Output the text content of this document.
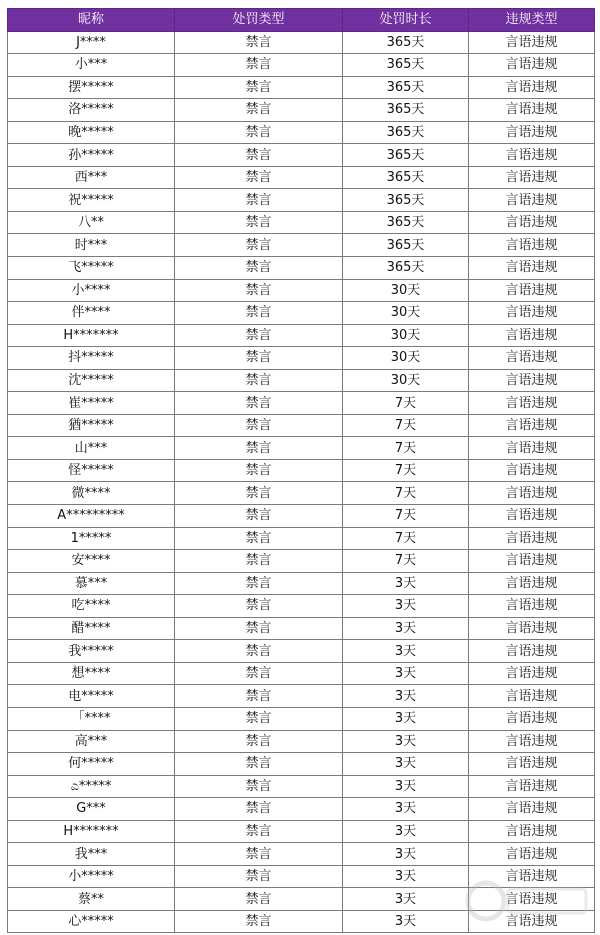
昵称	处罚类型	处罚时长	违规类型
J****	禁言	365天	言语违规
小***	禁言	365天	言语违规
摆*****	禁言	365天	言语违规
洛*****	禁言	365天	言语违规
晚*****	禁言	365天	言语违规
孙*****	禁言	365天	言语违规
西***	禁言	365天	言语违规
祝*****	禁言	365天	言语违规
八**	禁言	365天	言语违规
时***	禁言	365天	言语违规
飞*****	禁言	365天	言语违规
小****	禁言	30天	言语违规
伴****	禁言	30天	言语违规
H*******	禁言	30天	言语违规
抖*****	禁言	30天	言语违规
沈*****	禁言	30天	言语违规
崔*****	禁言	7天	言语违规
猶*****	禁言	7天	言语违规
山***	禁言	7天	言语违规
怪*****	禁言	7天	言语违规
微****	禁言	7天	言语违规
A*********	禁言	7天	言语违规
1*****	禁言	7天	言语违规
安****	禁言	7天	言语违规
慕***	禁言	3天	言语违规
吃****	禁言	3天	言语违规
醋****	禁言	3天	言语违规
我*****	禁言	3天	言语违规
想****	禁言	3天	言语违规
电*****	禁言	3天	言语违规
「****	禁言	3天	言语违规
高***	禁言	3天	言语违规
何*****	禁言	3天	言语违规
ಎ*****	禁言	3天	言语违规
G***	禁言	3天	言语违规
H*******	禁言	3天	言语违规
我***	禁言	3天	言语违规
小*****	禁言	3天	言语违规
蔡**	禁言	3天	言语违规
心*****	禁言	3天	言语违规
